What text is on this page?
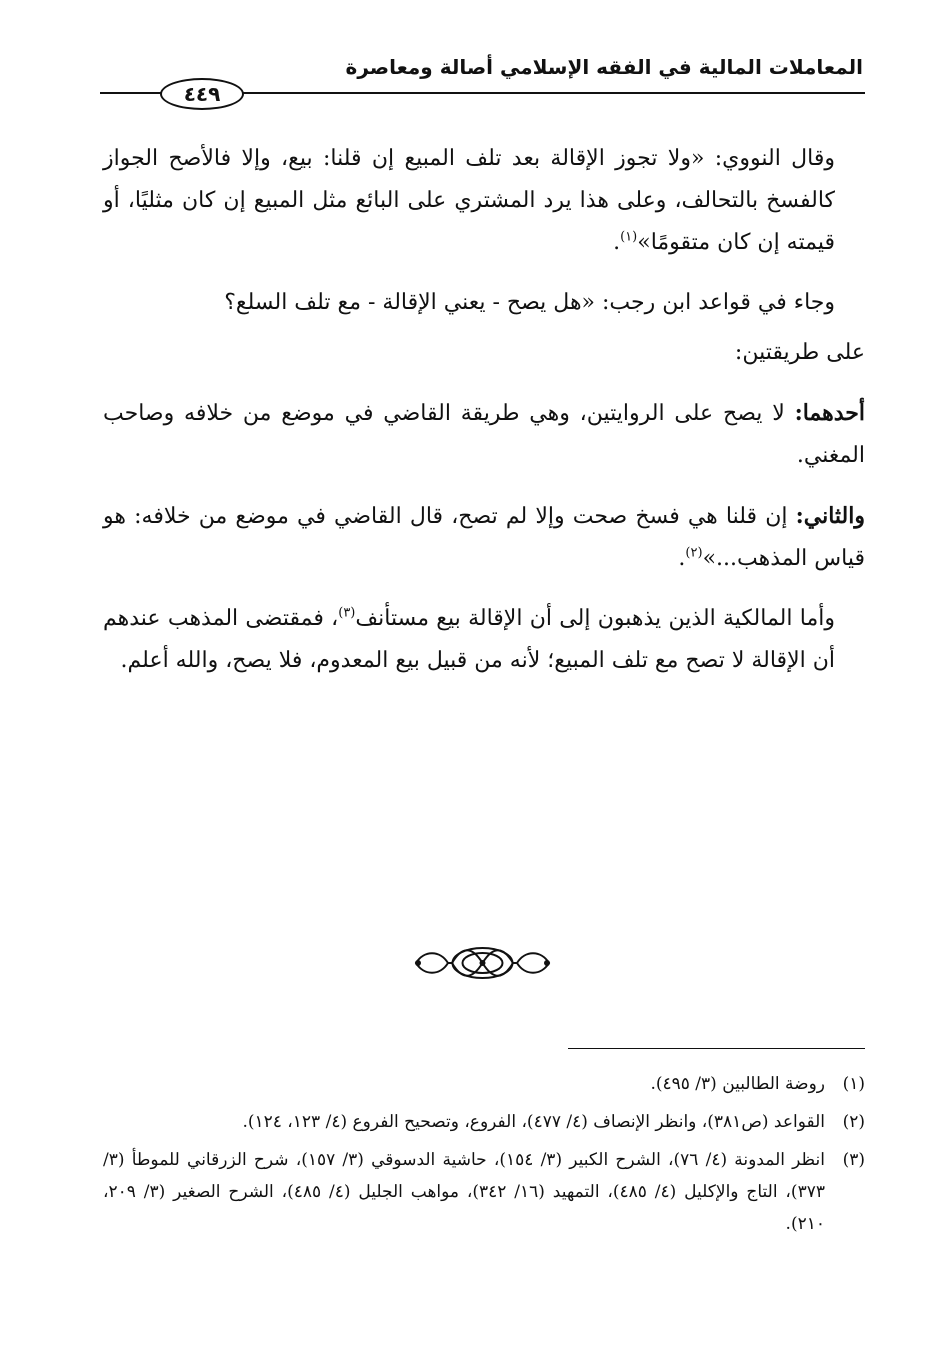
المعاملات المالية في الفقه الإسلامي أصالة ومعاصرة
٤٤٩

وقال النووي: «ولا تجوز الإقالة بعد تلف المبيع إن قلنا: بيع، وإلا فالأصح الجواز كالفسخ بالتحالف، وعلى هذا يرد المشتري على البائع مثل المبيع إن كان مثليًا، أو قيمته إن كان متقومًا»$^{(١)}$.

وجاء في قواعد ابن رجب: «هل يصح - يعني الإقالة - مع تلف السلع؟

على طريقتين:

أحدهما: لا يصح على الروايتين، وهي طريقة القاضي في موضع من خلافه وصاحب المغني.

والثاني: إن قلنا هي فسخ صحت وإلا لم تصح، قال القاضي في موضع من خلافه: هو قياس المذهب...»$^{(٢)}$.

وأما المالكية الذين يذهبون إلى أن الإقالة بيع مستأنف$^{(٣)}$، فمقتضى المذهب عندهم أن الإقالة لا تصح مع تلف المبيع؛ لأنه من قبيل بيع المعدوم، فلا يصح، والله أعلم.

(١)
روضة الطالبين (٣/ ٤٩٥).
(٢)
القواعد (ص٣٨١)، وانظر الإنصاف (٤/ ٤٧٧)، الفروع، وتصحيح الفروع (٤/ ١٢٣، ١٢٤).
(٣)
انظر المدونة (٤/ ٧٦)، الشرح الكبير (٣/ ١٥٤)، حاشية الدسوقي (٣/ ١٥٧)، شرح الزرقاني للموطأ (٣/ ٣٧٣)، التاج والإكليل (٤/ ٤٨٥)، التمهيد (١٦/ ٣٤٢)، مواهب الجليل (٤/ ٤٨٥)، الشرح الصغير (٣/ ٢٠٩، ٢١٠).
